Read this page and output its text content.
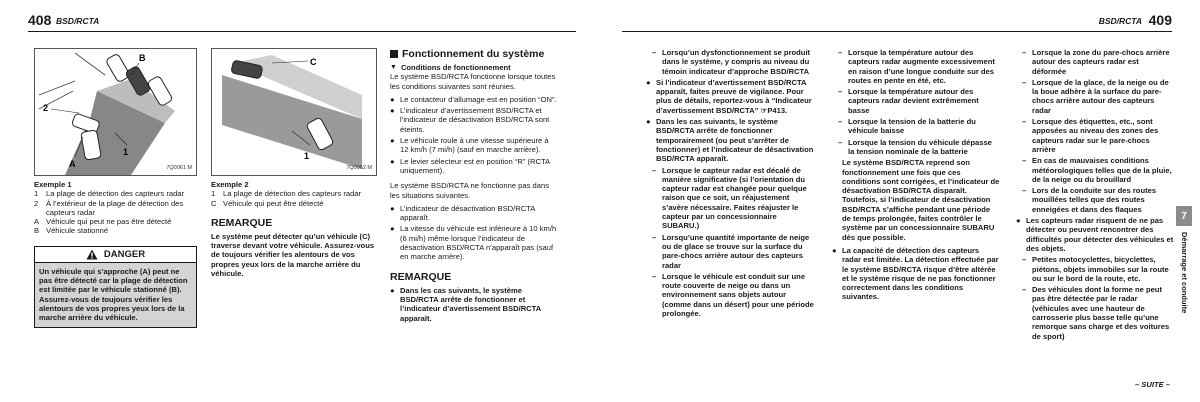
408 BSD/RCTA	BSD/RCTA 409
B
2
1
A	7Q0061 M
Exemple 1
1	La plage de détection des capteurs radar
2	À l’extérieur de la plage de détection des capteurs radar
A Véhicule qui peut ne pas être détecté
B Véhicule stationné
DANGER
Un véhicule qui s’approche (A) peut ne pas être détecté car la plage de détection est limitée par le véhicule stationné (B). Assurez-vous de toujours vérifier les alentours de vos propres yeux lors de la marche arrière du véhicule.
C
1
7Q0062 M
Exemple 2
1	La plage de détection des capteurs radar
C Véhicule qui peut être détecté
REMARQUE
Le système peut détecter qu’un véhicule (C) traverse devant votre véhicule. Assurez-vous de toujours vérifier les alentours de vos propres yeux lors de la marche arrière du véhicule.
Fonctionnement du système
▼ Conditions de fonctionnement
Le système BSD/RCTA fonctionne lorsque toutes les conditions suivantes sont réunies.
● Le contacteur d’allumage est en position “ON”.
● L’indicateur d’avertissement BSD/RCTA et l’indicateur de désactivation BSD/RCTA sont éteints.
● Le véhicule roule à une vitesse supérieure à 12 km/h (7 mi/h) (sauf en marche arrière).
● Le levier sélecteur est en position “R” (RCTA uniquement).
Le système BSD/RCTA ne fonctionne pas dans les situations suivantes.
● L’indicateur de désactivation BSD/RCTA apparaît.
● La vitesse du véhicule est inférieure à 10 km/h (6 mi/h) même lorsque l’indicateur de désactivation BSD/RCTA n’apparaît pas (sauf en marche arrière).
REMARQUE
● Dans les cas suivants, le système BSD/RCTA arrête de fonctionner et l’indicateur d’avertissement BSD/RCTA apparaît.
– Lorsqu’un dysfonctionnement se produit dans le système, y compris au niveau du témoin indicateur d’approche BSD/RCTA
● Si l’indicateur d’avertissement BSD/RCTA apparaît, faites preuve de vigilance. Pour plus de détails, reportez-vous à “Indicateur d’avertissement BSD/RCTA” ☞P413.
● Dans les cas suivants, le système BSD/RCTA arrête de fonctionner temporairement (ou peut s’arrêter de fonctionner) et l’indicateur de désactivation BSD/RCTA apparaît.
– Lorsque le capteur radar est décalé de manière significative (si l’orientation du capteur radar est changée pour quelque raison que ce soit, un réajustement s’avère nécessaire. Faites réajuster le capteur par un concessionnaire SUBARU.)
– Lorsqu’une quantité importante de neige ou de glace se trouve sur la surface du pare-chocs arrière autour des capteurs radar
– Lorsque le véhicule est conduit sur une route couverte de neige ou dans un environnement sans objets autour (comme dans un désert) pour une période prolongée.
– Lorsque la température autour des capteurs radar augmente excessivement en raison d’une longue conduite sur des routes en pente en été, etc.
– Lorsque la température autour des capteurs radar devient extrêmement basse
– Lorsque la tension de la batterie du véhicule baisse
– Lorsque la tension du véhicule dépasse la tension nominale de la batterie
Le système BSD/RCTA reprend son fonctionnement une fois que ces conditions sont corrigées, et l’indicateur de désactivation BSD/RCTA disparaît. Toutefois, si l’indicateur de désactivation BSD/RCTA s’affiche pendant une période de temps prolongée, faites contrôler le système par un concessionnaire SUBARU dès que possible.
● La capacité de détection des capteurs radar est limitée. La détection effectuée par le système BSD/RCTA risque d’être altérée et le système risque de ne pas fonctionner correctement dans les conditions suivantes.
– Lorsque la zone du pare-chocs arrière autour des capteurs radar est déformée
– Lorsque de la glace, de la neige ou de la boue adhère à la surface du pare-chocs arrière autour des capteurs radar
– Lorsque des étiquettes, etc., sont apposées au niveau des zones des capteurs radar sur le pare-chocs arrière
– En cas de mauvaises conditions météorologiques telles que de la pluie, de la neige ou du brouillard
– Lors de la conduite sur des routes mouillées telles que des routes enneigées et dans des flaques
● Les capteurs radar risquent de ne pas détecter ou peuvent rencontrer des difficultés pour détecter des véhicules et des objets.
– Petites motocyclettes, bicyclettes, piétons, objets immobiles sur la route ou sur le bord de la route, etc.
– Des véhicules dont la forme ne peut pas être détectée par le radar (véhicules avec une hauteur de carrosserie plus basse telle qu’une remorque sans charge et des voitures de sport)
7
Démarrage et conduite
– SUITE –
